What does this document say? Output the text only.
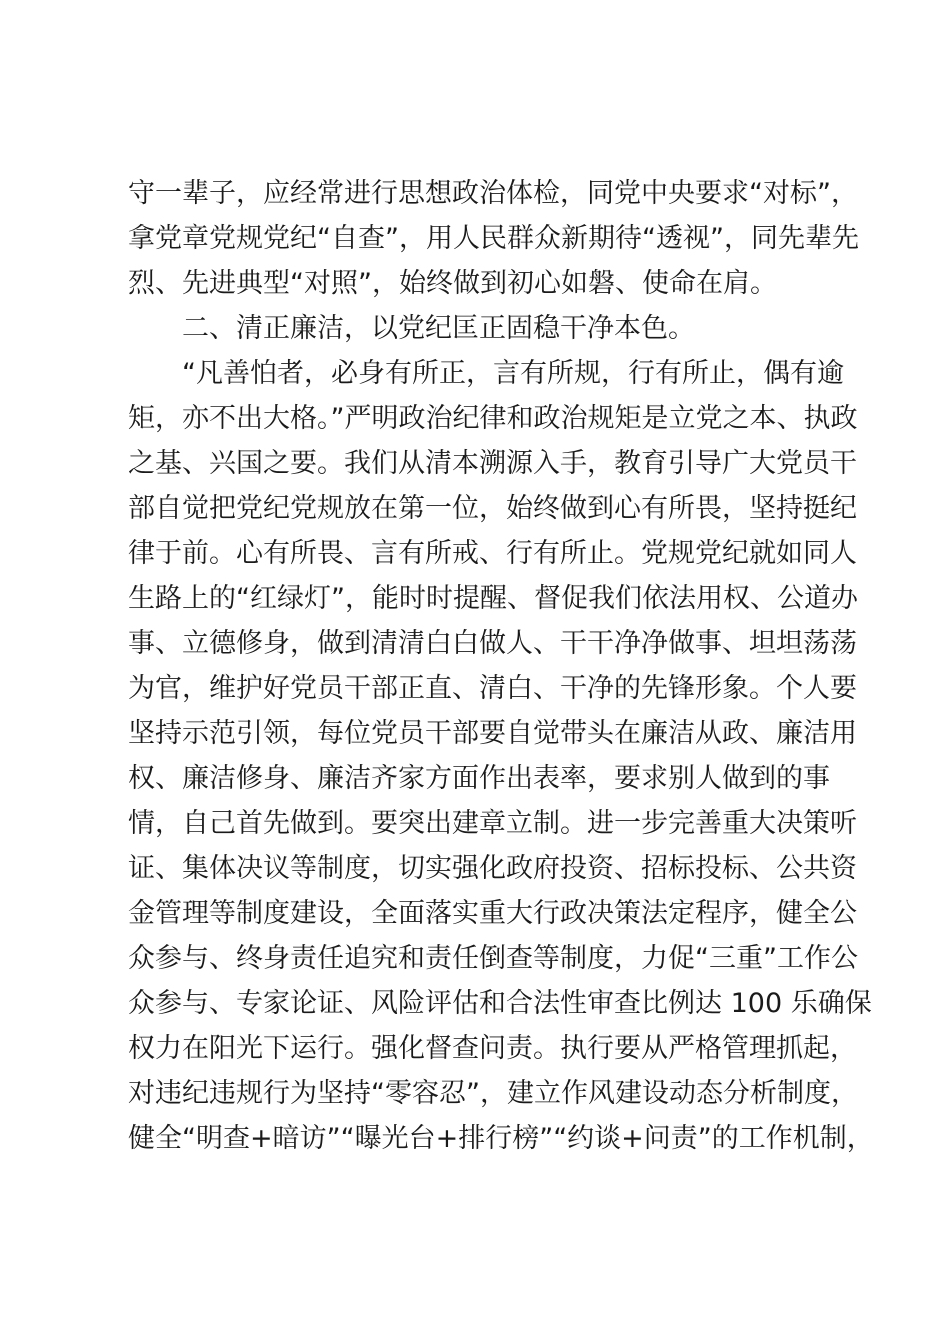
守一辈子，应经常进行思想政治体检，同党中央要求“对标”，
拿党章党规党纪“自查”，用人民群众新期待“透视”，同先辈先
烈、先进典型“对照”，始终做到初心如磐、使命在肩。
二、清正廉洁，以党纪匡正固稳干净本色。
“凡善怕者，必身有所正，言有所规，行有所止，偶有逾
矩，亦不出大格。”严明政治纪律和政治规矩是立党之本、执政
之基、兴国之要。我们从清本溯源入手，教育引导广大党员干
部自觉把党纪党规放在第一位，始终做到心有所畏，坚持挺纪
律于前。心有所畏、言有所戒、行有所止。党规党纪就如同人
生路上的“红绿灯”，能时时提醒、督促我们依法用权、公道办
事、立德修身，做到清清白白做人、干干净净做事、坦坦荡荡
为官，维护好党员干部正直、清白、干净的先锋形象。个人要
坚持示范引领，每位党员干部要自觉带头在廉洁从政、廉洁用
权、廉洁修身、廉洁齐家方面作出表率，要求别人做到的事
情，自己首先做到。要突出建章立制。进一步完善重大决策听
证、集体决议等制度，切实强化政府投资、招标投标、公共资
金管理等制度建设，全面落实重大行政决策法定程序，健全公
众参与、终身责任追究和责任倒查等制度，力促“三重”工作公
众参与、专家论证、风险评估和合法性审查比例达 100 乐确保
权力在阳光下运行。强化督查问责。执行要从严格管理抓起，
对违纪违规行为坚持“零容忍”，建立作风建设动态分析制度，
健全“明查+暗访”“曝光台+排行榜”“约谈+问责”的工作机制，
